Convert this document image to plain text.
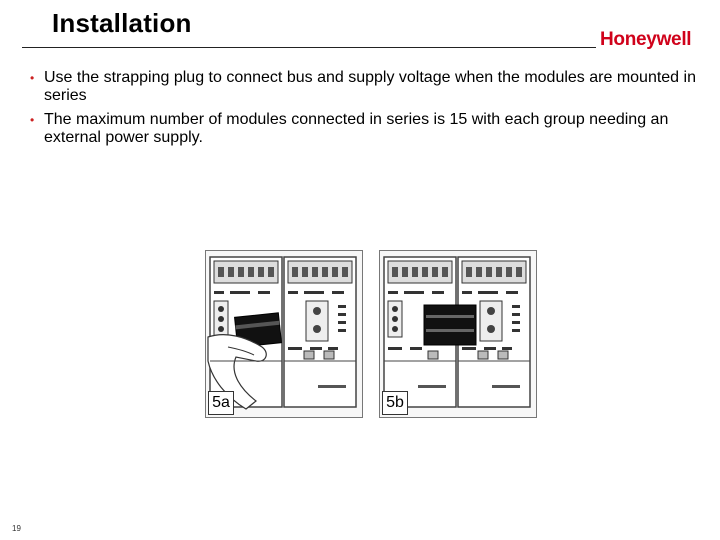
Installation
Honeywell
• Use the strapping plug to connect bus and supply voltage when the modules are mounted in series
• The maximum number of modules connected in series is 15 with each group needing an external power supply.
5a	5b
19
